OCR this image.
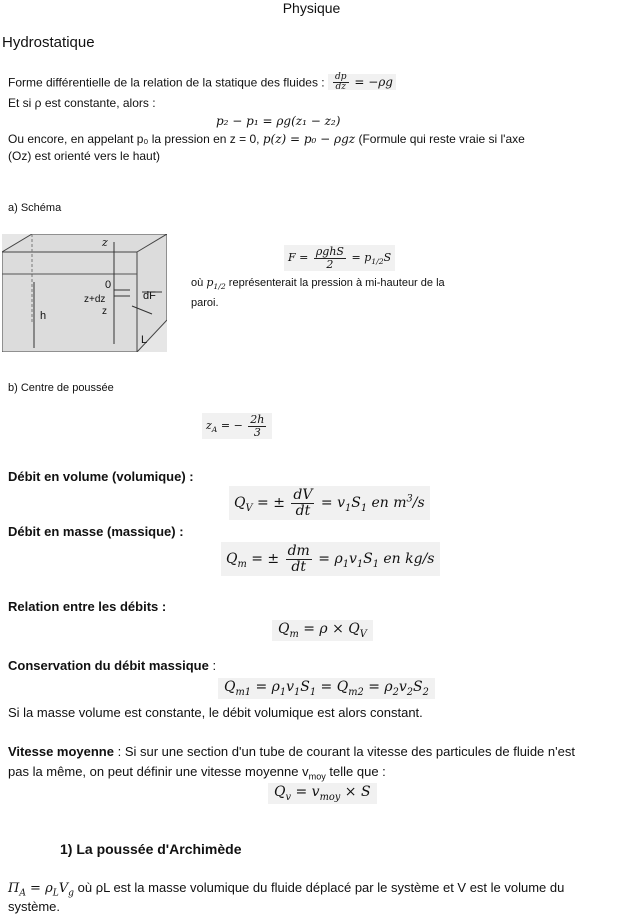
Physique
Hydrostatique
Forme différentielle de la relation de la statique des fluides : $\frac{dp}{dz} = -\rho g$
Et si ρ est constante, alors :
p₂ − p₁ = ρg(z₁ − z₂)
Ou encore, en appelant p₀ la pression en z = 0, p(z) = p₀ − ρgz (Formule qui reste vraie si l'axe
(Oz) est orienté vers le haut)
a) Schéma
z
0
z+dz
z
dF
h
L
$F = \frac{\text{ρghS}}{2} = p_{1/2}S$
où $p_{1/2}$ représenterait la pression à mi-hauteur de la
paroi.
b) Centre de poussée
$z_A$ = − $\frac{2h}{3}$
Débit en volume (volumique) :
$Q_V$ = ± $\frac{dV}{dt} = v_1S_1$ en $m^3/s$
Débit en masse (massique) :
$Q_m$ = ± $\frac{dm}{dt} = \rho_1v_1S_1$ en kg/s
Relation entre les débits :
$Q_m = \rho \times Q_V$
Conservation du débit massique :
$Q_{m1} = \rho_1v_1S_1 = Q_{m2} = \rho_2v_2S_2$
Si la masse volume est constante, le débit volumique est alors constant.
Vitesse moyenne : Si sur une section d'un tube de courant la vitesse des particules de fluide n'est
pas la même, on peut définir une vitesse moyenne $v_{moy}$ telle que :
$Q_v = v_{moy} \times S$
1) La poussée d'Archimède
$\Pi_A = \rho_LV_g$ où ρL est la masse volumique du fluide déplacé par le système et V est le volume du
système.
